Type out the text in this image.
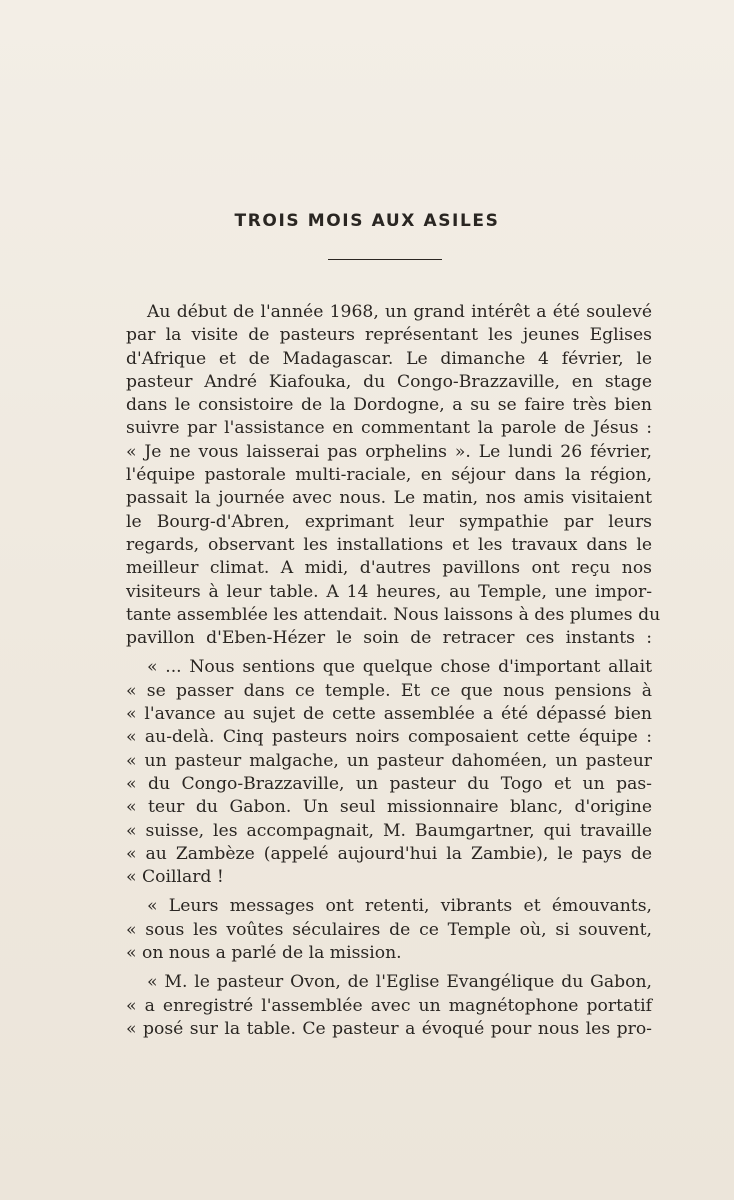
TROIS MOIS AUX ASILES
Au début de l'année 1968, un grand intérêt a été soulevé
par la visite de pasteurs représentant les jeunes Eglises
d'Afrique et de Madagascar. Le dimanche 4 février, le
pasteur André Kiafouka, du Congo-Brazzaville, en stage
dans le consistoire de la Dordogne, a su se faire très bien
suivre par l'assistance en commentant la parole de Jésus :
« Je ne vous laisserai pas orphelins ». Le lundi 26 février,
l'équipe pastorale multi-raciale, en séjour dans la région,
passait la journée avec nous. Le matin, nos amis visitaient
le Bourg-d'Abren, exprimant leur sympathie par leurs
regards, observant les installations et les travaux dans le
meilleur climat. A midi, d'autres pavillons ont reçu nos
visiteurs à leur table. A 14 heures, au Temple, une impor-
tante assemblée les attendait. Nous laissons à des plumes du
pavillon d'Eben-Hézer le soin de retracer ces instants :
« ... Nous sentions que quelque chose d'important allait
« se passer dans ce temple. Et ce que nous pensions à
« l'avance au sujet de cette assemblée a été dépassé bien
« au-delà. Cinq pasteurs noirs composaient cette équipe :
« un pasteur malgache, un pasteur dahoméen, un pasteur
« du Congo-Brazzaville, un pasteur du Togo et un pas-
« teur du Gabon. Un seul missionnaire blanc, d'origine
« suisse, les accompagnait, M. Baumgartner, qui travaille
« au Zambèze (appelé aujourd'hui la Zambie), le pays de
« Coillard !
« Leurs messages ont retenti, vibrants et émouvants,
« sous les voûtes séculaires de ce Temple où, si souvent,
« on nous a parlé de la mission.
« M. le pasteur Ovon, de l'Eglise Evangélique du Gabon,
« a enregistré l'assemblée avec un magnétophone portatif
« posé sur la table. Ce pasteur a évoqué pour nous les pro-
